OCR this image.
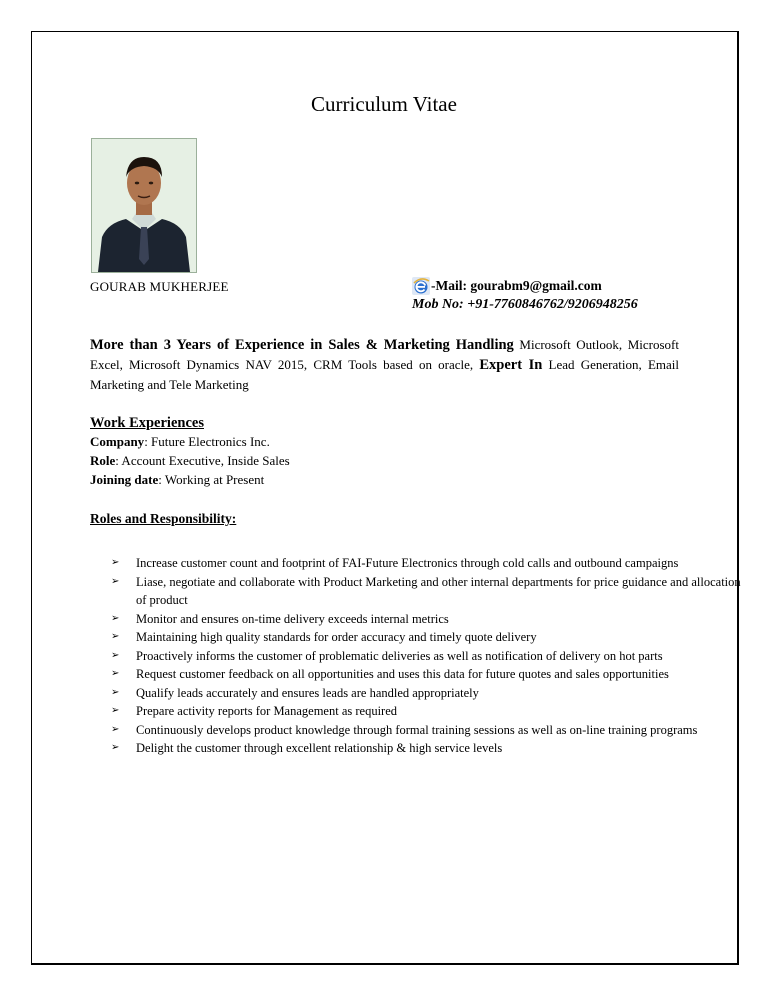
Curriculum Vitae
GOURAB MUKHERJEE	-Mail: gourabm9@gmail.com
Mob No: +91-7760846762/9206948256
More than 3 Years of Experience in Sales & Marketing Handling Microsoft Outlook, Microsoft Excel, Microsoft Dynamics NAV 2015, CRM Tools based on oracle, Expert In Lead Generation, Email Marketing and Tele Marketing
Work Experiences
Company: Future Electronics Inc.
Role: Account Executive, Inside Sales
Joining date: Working at Present
Roles and Responsibility:
➢ Increase customer count and footprint of FAI-Future Electronics through cold calls and outbound campaigns
➢ Liase, negotiate and collaborate with Product Marketing and other internal departments for price guidance and allocation of product
➢ Monitor and ensures on-time delivery exceeds internal metrics
➢ Maintaining high quality standards for order accuracy and timely quote delivery
➢ Proactively informs the customer of problematic deliveries as well as notification of delivery on hot parts
➢ Request customer feedback on all opportunities and uses this data for future quotes and sales opportunities
➢ Qualify leads accurately and ensures leads are handled appropriately
➢ Prepare activity reports for Management as required
➢ Continuously develops product knowledge through formal training sessions as well as on-line training programs
➢ Delight the customer through excellent relationship & high service levels
